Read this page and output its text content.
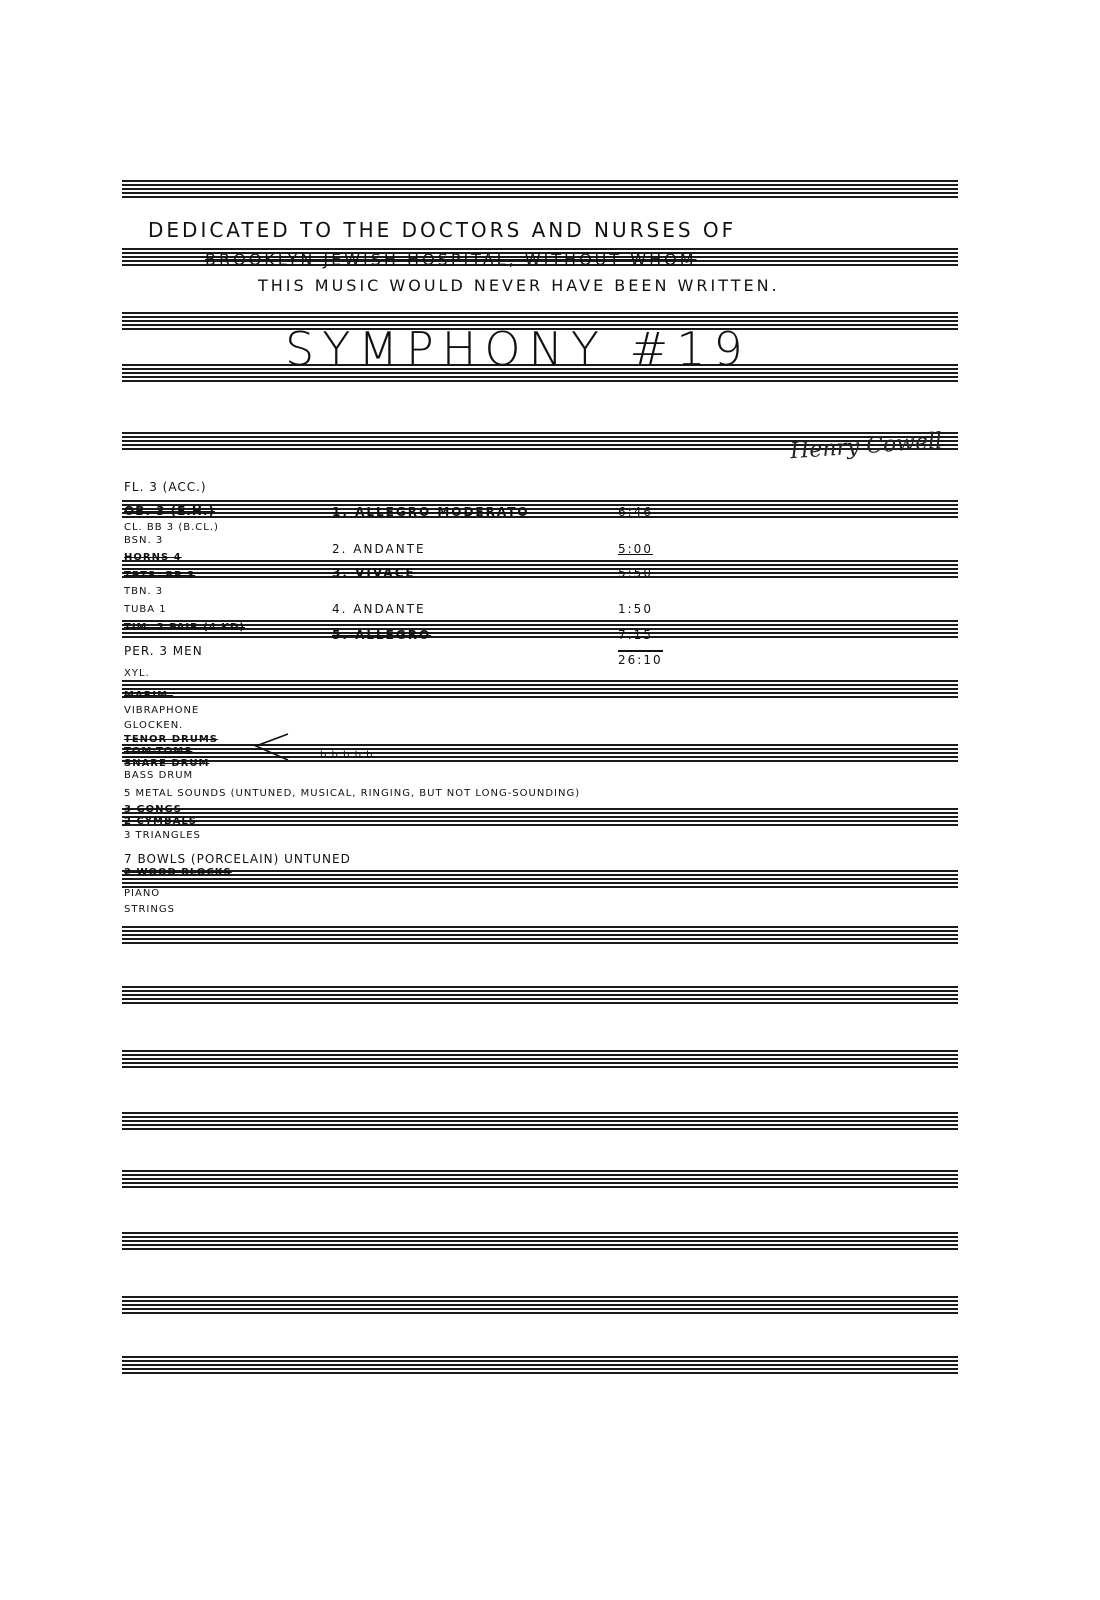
DEDICATED TO THE DOCTORS AND NURSES OF
BROOKLYN JEWISH HOSPITAL, WITHOUT WHOM
THIS MUSIC WOULD NEVER HAVE BEEN WRITTEN.
SYMPHONY #19
Henry Cowell
FL. 3 (ACC.)
OB. 3 (E.H.)
CL. BB 3 (B.CL.)
BSN. 3
HORNS 4
TPTS. BB 3
TBN. 3
TUBA 1
TIM. 2 PAIR (4 KD)
PER. 3 MEN
XYL.
MARIM.
VIBRAPHONE
GLOCKEN.
TENOR DRUMS
TOM-TOMS
SNARE DRUM
BASS DRUM
5 METAL SOUNDS (UNTUNED, MUSICAL, RINGING, BUT NOT LONG-SOUNDING)
3 GONGS
2 CYMBALS
3 TRIANGLES
7 BOWLS (PORCELAIN) UNTUNED
2 WOOD BLOCKS
PIANO
STRINGS
b b b b b
1. ALLEGRO MODERATO	6:46
2. ANDANTE	5:00
3. VIVACE	5:50
4. ANDANTE	1:50
5. ALLEGRO	7:15
26:10
